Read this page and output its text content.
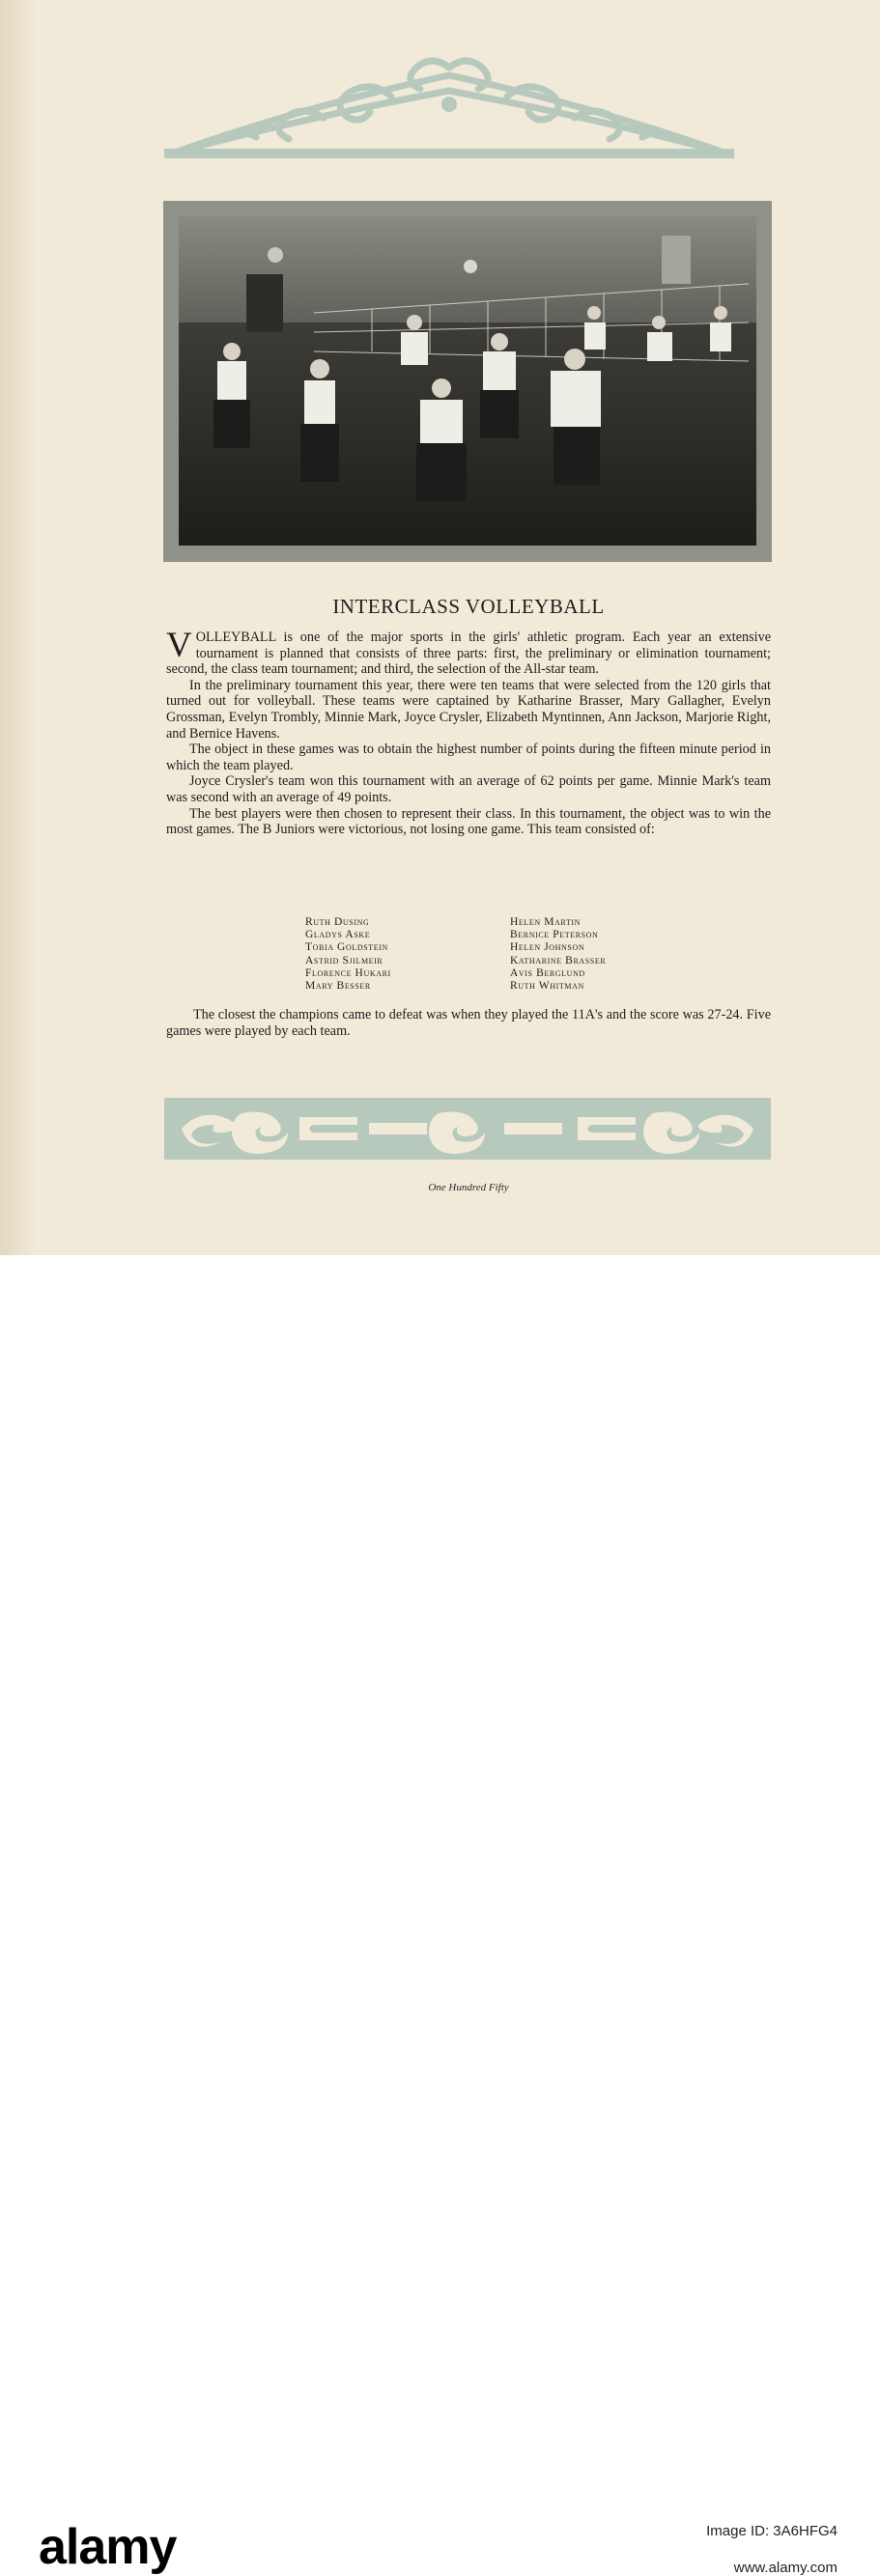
INTERCLASS VOLLEYBALL

VOLLEYBALL is one of the major sports in the girls' athletic program. Each year an extensive tournament is planned that consists of three parts: first, the preliminary or elimination tournament; second, the class team tournament; and third, the selection of the All-star team.

In the preliminary tournament this year, there were ten teams that were selected from the 120 girls that turned out for volleyball. These teams were captained by Katharine Brasser, Mary Gallagher, Evelyn Grossman, Evelyn Trombly, Minnie Mark, Joyce Crysler, Elizabeth Myntinnen, Ann Jackson, Marjorie Right, and Bernice Havens.

The object in these games was to obtain the highest number of points during the fifteen minute period in which the team played.

Joyce Crysler's team won this tournament with an average of 62 points per game. Minnie Mark's team was second with an average of 49 points.

The best players were then chosen to represent their class. In this tournament, the object was to win the most games. The B Juniors were victorious, not losing one game. This team consisted of:

Ruth Dusing
Gladys Aske
Tobia Goldstein
Astrid Sjilmeir
Florence Hukari
Mary Besser
Helen Martin
Bernice Peterson
Helen Johnson
Katharine Brasser
Avis Berglund
Ruth Whitman

The closest the champions came to defeat was when they played the 11A's and the score was 27-24. Five games were played by each team.

One Hundred Fifty
alamy	Image ID: 3A6HFG4
www.alamy.com
